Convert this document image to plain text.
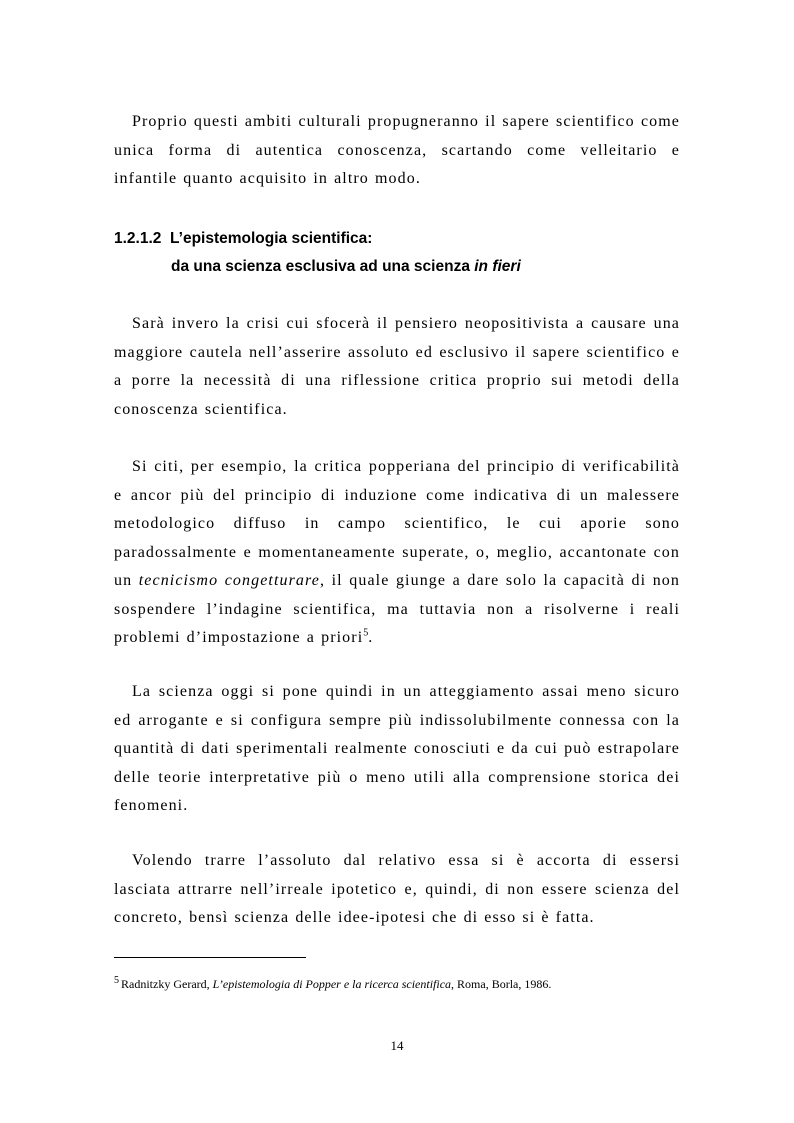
Proprio questi ambiti culturali propugneranno il sapere scientifico come unica forma di autentica conoscenza, scartando come velleitario e infantile quanto acquisito in altro modo.

1.2.1.2 L’epistemologia scientifica:
da una scienza esclusiva ad una scienza in fieri

Sarà invero la crisi cui sfocerà il pensiero neopositivista a causare una maggiore cautela nell’asserire assoluto ed esclusivo il sapere scientifico e a porre la necessità di una riflessione critica proprio sui metodi della conoscenza scientifica.

Si citi, per esempio, la critica popperiana del principio di verificabilità e ancor più del principio di induzione come indicativa di un malessere metodologico diffuso in campo scientifico, le cui aporie sono paradossalmente e momentaneamente superate, o, meglio, accantonate con un tecnicismo congetturare, il quale giunge a dare solo la capacità di non sospendere l’indagine scientifica, ma tuttavia non a risolverne i reali problemi d’impostazione a priori$^5$.

La scienza oggi si pone quindi in un atteggiamento assai meno sicuro ed arrogante e si configura sempre più indissolubilmente connessa con la quantità di dati sperimentali realmente conosciuti e da cui può estrapolare delle teorie interpretative più o meno utili alla comprensione storica dei fenomeni.

Volendo trarre l’assoluto dal relativo essa si è accorta di essersi lasciata attrarre nell’irreale ipotetico e, quindi, di non essere scienza del concreto, bensì scienza delle idee-ipotesi che di esso si è fatta.

$^5$ Radnitzky Gerard, L’epistemologia di Popper e la ricerca scientifica, Roma, Borla, 1986.

14
